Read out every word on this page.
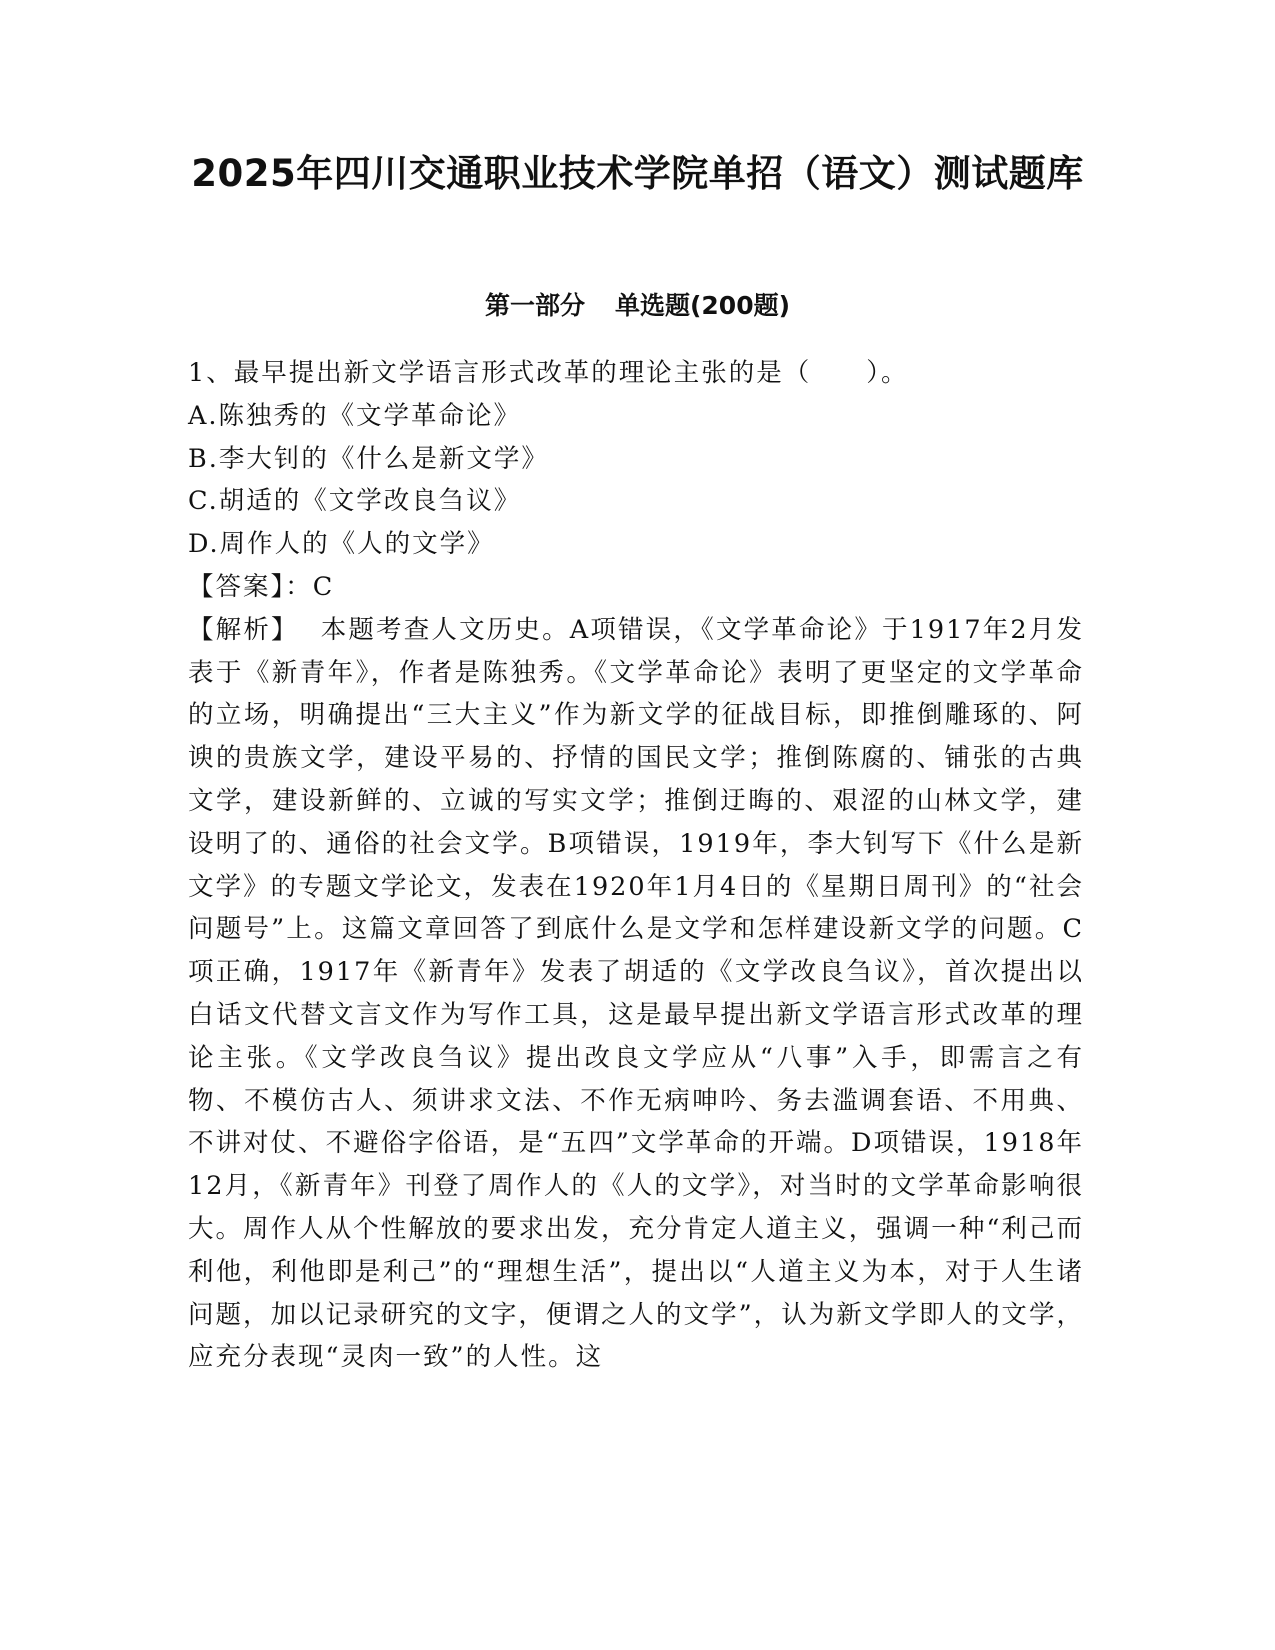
2025年四川交通职业技术学院单招（语文）测试题库
第一部分 单选题(200题)

1、最早提出新文学语言形式改革的理论主张的是（　　）。

A.陈独秀的《文学革命论》

B.李大钊的《什么是新文学》

C.胡适的《文学改良刍议》

D.周作人的《人的文学》

【答案】：C

【解析】 本题考查人文历史。A项错误，《文学革命论》于1917年2月发表于《新青年》，作者是陈独秀。《文学革命论》表明了更坚定的文学革命的立场，明确提出“三大主义”作为新文学的征战目标，即推倒雕琢的、阿谀的贵族文学，建设平易的、抒情的国民文学；推倒陈腐的、铺张的古典文学，建设新鲜的、立诚的写实文学；推倒迂晦的、艰涩的山林文学，建设明了的、通俗的社会文学。B项错误，1919年，李大钊写下《什么是新文学》的专题文学论文，发表在1920年1月4日的《星期日周刊》的“社会问题号”上。这篇文章回答了到底什么是文学和怎样建设新文学的问题。C项正确，1917年《新青年》发表了胡适的《文学改良刍议》，首次提出以白话文代替文言文作为写作工具，这是最早提出新文学语言形式改革的理论主张。《文学改良刍议》提出改良文学应从“八事”入手，即需言之有物、不模仿古人、须讲求文法、不作无病呻吟、务去滥调套语、不用典、不讲对仗、不避俗字俗语，是“五四”文学革命的开端。D项错误，1918年12月，《新青年》刊登了周作人的《人的文学》，对当时的文学革命影响很大。周作人从个性解放的要求出发，充分肯定人道主义，强调一种“利己而利他，利他即是利己”的“理想生活”，提出以“人道主义为本，对于人生诸问题，加以记录研究的文字，便谓之人的文学”，认为新文学即人的文学，应充分表现“灵肉一致”的人性。这
